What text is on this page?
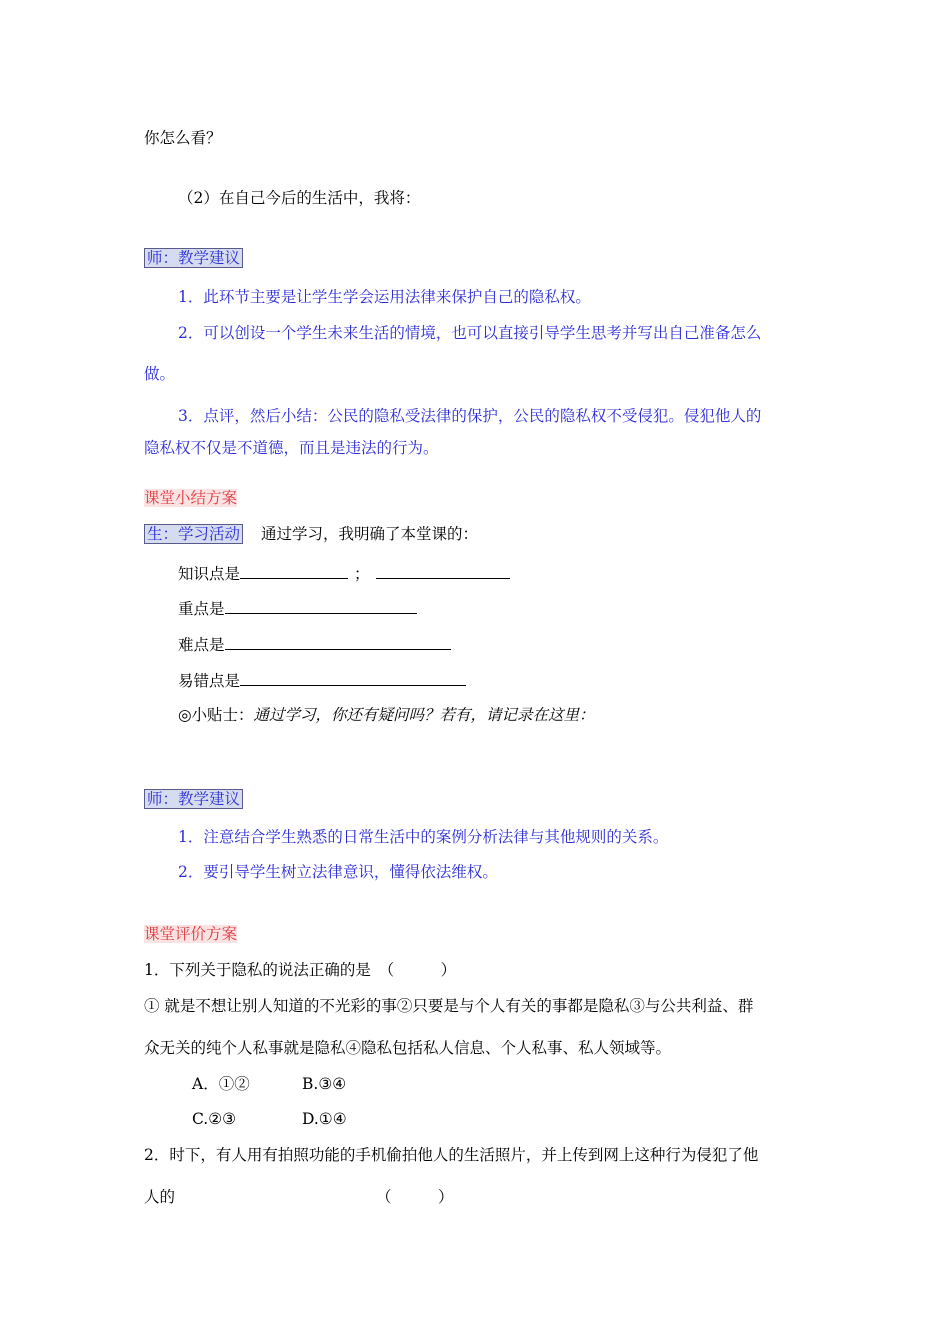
你怎么看？
（2）在自己今后的生活中，我将：
师：教学建议
1．此环节主要是让学生学会运用法律来保护自己的隐私权。
2．可以创设一个学生未来生活的情境，也可以直接引导学生思考并写出自己准备怎么
做。
3．点评，然后小结：公民的隐私受法律的保护，公民的隐私权不受侵犯。侵犯他人的
隐私权不仅是不道德，而且是违法的行为。
课堂小结方案
生：学习活动 通过学习，我明确了本堂课的：
知识点是	；
重点是
难点是
易错点是
◎小贴士：通过学习，你还有疑问吗？若有，请记录在这里：
师：教学建议
1．注意结合学生熟悉的日常生活中的案例分析法律与其他规则的关系。
2．要引导学生树立法律意识，懂得依法维权。
课堂评价方案
1．下列关于隐私的说法正确的是　（　　　）
① 就是不想让别人知道的不光彩的事②只要是与个人有关的事都是隐私③与公共利益、群
众无关的纯个人私事就是隐私④隐私包括私人信息、个人私事、私人领域等。
A．①②	B.③④
C.②③	D.①④
2．时下，有人用有拍照功能的手机偷拍他人的生活照片，并上传到网上这种行为侵犯了他
人的	（　　　）
